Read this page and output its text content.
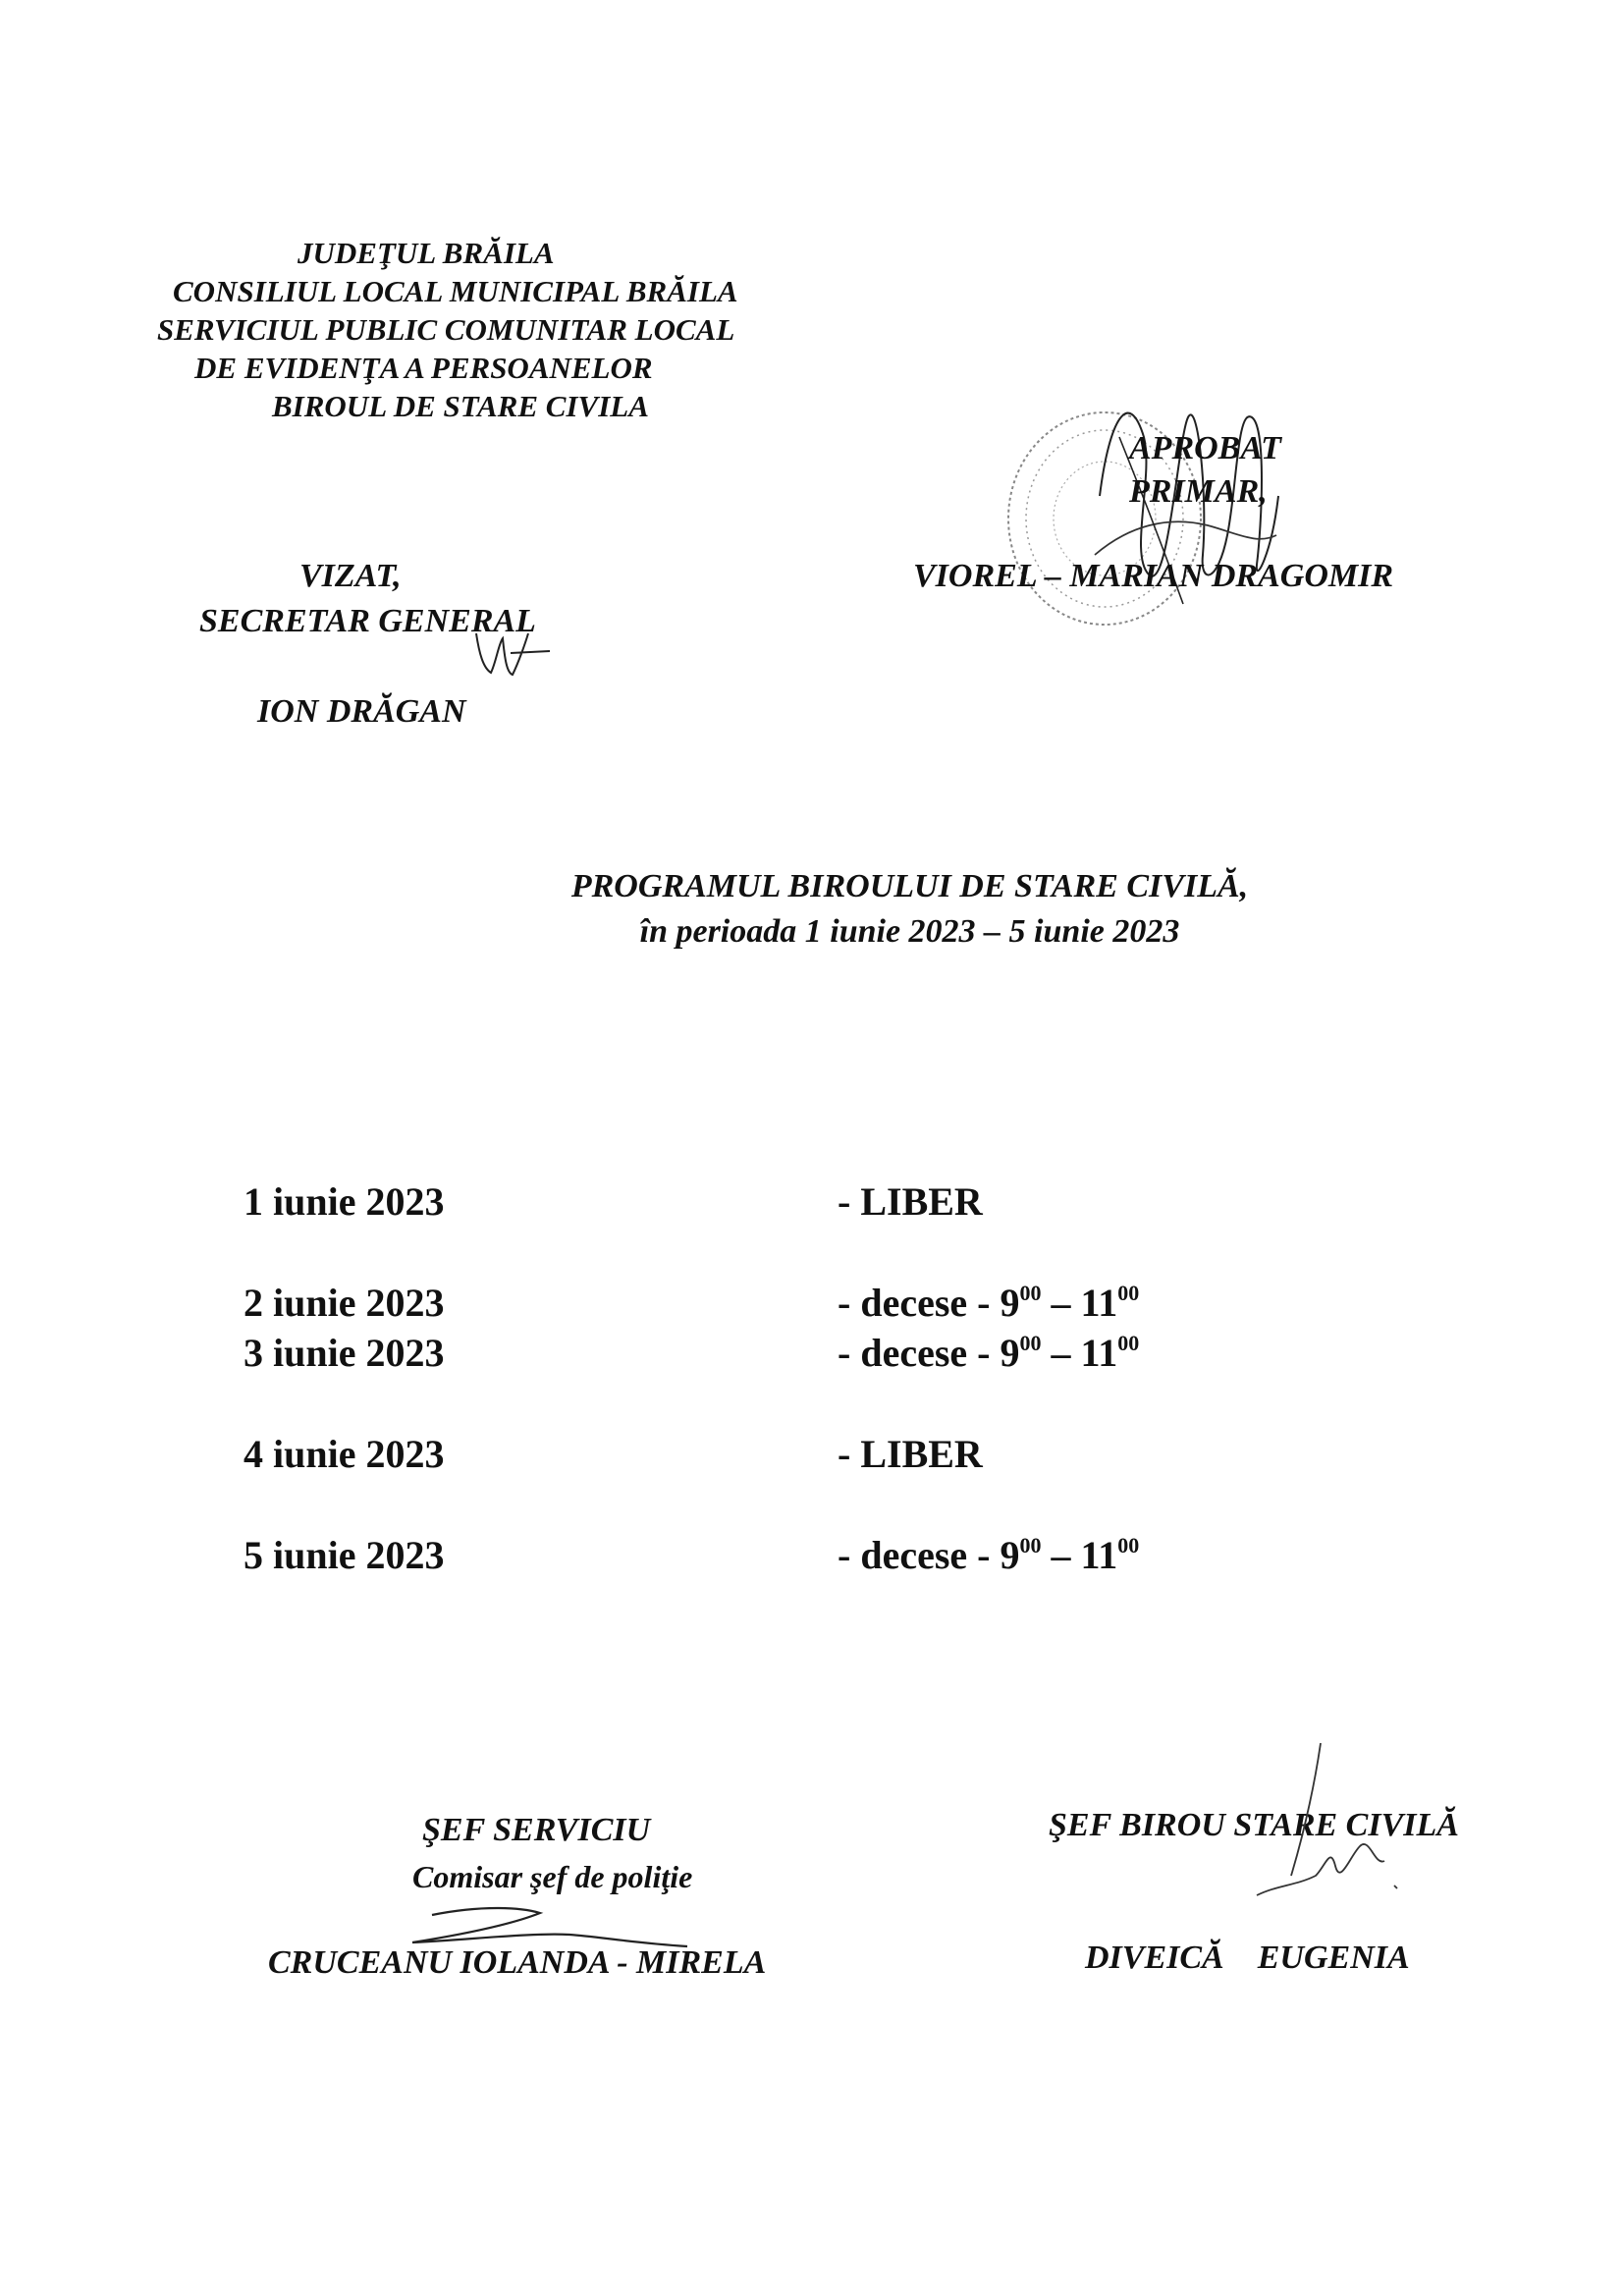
JUDEŢUL BRĂILA
CONSILIUL LOCAL MUNICIPAL BRĂILA
SERVICIUL PUBLIC COMUNITAR LOCAL
DE EVIDENŢA A PERSOANELOR
BIROUL DE STARE CIVILA
APROBAT
PRIMAR,
VIOREL – MARIAN DRAGOMIR
VIZAT,
SECRETAR GENERAL
ION DRĂGAN
PROGRAMUL BIROULUI DE STARE CIVILĂ,
în perioada 1 iunie 2023 – 5 iunie 2023
1 iunie 2023	- LIBER
2 iunie 2023	- decese - $9^{00} - 11^{00}$
3 iunie 2023	- decese - $9^{00} - 11^{00}$
4 iunie 2023	- LIBER
5 iunie 2023	- decese - $9^{00} - 11^{00}$
ŞEF SERVICIU
Comisar şef de poliţie
CRUCEANU IOLANDA - MIRELA
ŞEF BIROU STARE CIVILĂ
DIVEICĂ    EUGENIA
